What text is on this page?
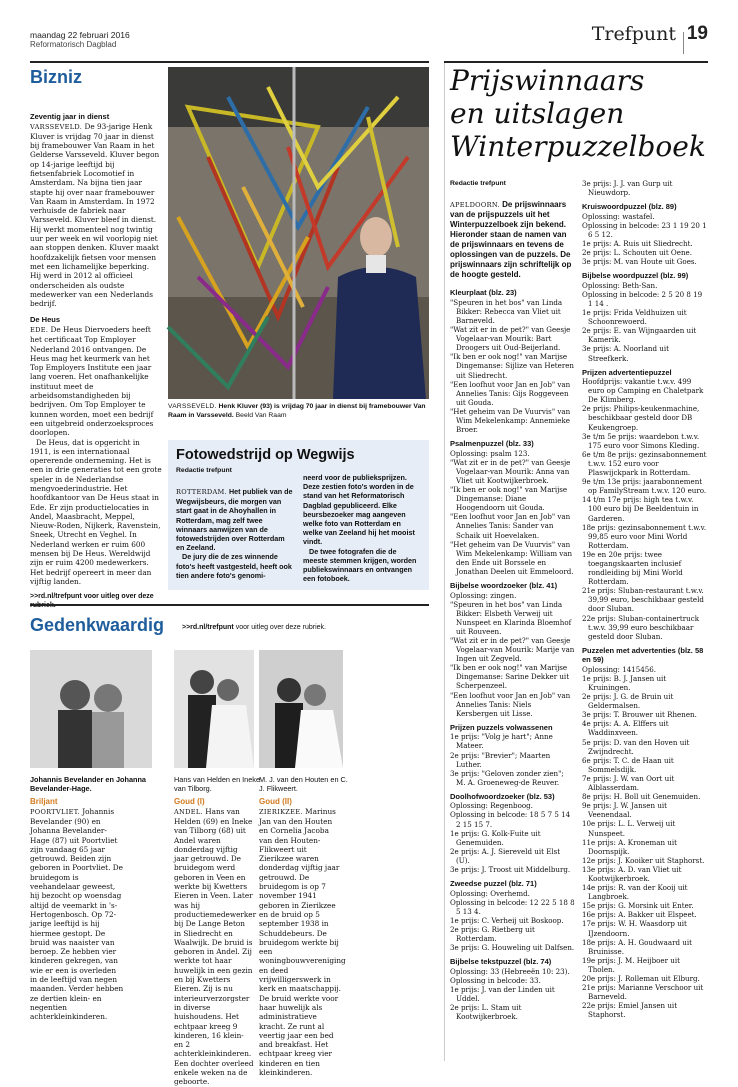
maandag 22 februari 2016
Reformatorisch Dagblad	Trefpunt 19
Bizniz
Zeventig jaar in dienst

VARSSEVELD. De 93-jarige Henk Kluver is vrijdag 70 jaar in dienst bij framebouwer Van Raam in het Gelderse Varsseveld. Kluver begon op 14-jarige leeftijd bij fietsenfabriek Locomotief in Amsterdam. Na bijna tien jaar stapte hij over naar framebouwer Van Raam in Amsterdam. In 1972 verhuisde de fabriek naar Varsseveld. Kluver bleef in dienst. Hij werkt momenteel nog twintig uur per week en wil voorlopig niet aan stoppen denken. Kluver maakt hoofdzakelijk fietsen voor mensen met een lichamelijke beperking. Hij werd in 2012 al officieel onderscheiden als oudste medewerker van een Nederlands bedrijf.

De Heus

EDE. De Heus Diervoeders heeft het certificaat Top Employer Nederland 2016 ontvangen. De Heus mag het keurmerk van het Top Employers Institute een jaar lang voeren. Het onafhankelijke instituut meet de arbeidsomstandigheden bij bedrijven. Om Top Employer te kunnen worden, moet een bedrijf een uitgebreid onderzoeksproces doorlopen.

De Heus, dat is opgericht in 1911, is een internationaal opererende onderneming. Het is een in drie generaties tot een grote speler in de Nederlandse mengvoederindustrie. Het hoofdkantoor van De Heus staat in Ede. Er zijn productielocaties in Andel, Maasbracht, Meppel, Nieuw-Roden, Nijkerk, Ravenstein, Sneek, Utrecht en Veghel. In Nederland werken er ruim 600 mensen bij De Heus. Wereldwijd zijn er ruim 4200 medewerkers. Het bedrijf opereert in meer dan vijftig landen.

>>rd.nl/trefpunt voor uitleg over deze
VARSSEVELD. Henk Kluver (93) is vrijdag 70 jaar in dienst bij framebouwer Van Raam in Varsseveld. Beeld Van Raam
Fotowedstrijd op Wegwijs
Redactie trefpunt
ROTTERDAM. Het publiek van de Wegwijsbeurs, die morgen van start gaat in de Ahoyhallen in Rotterdam, mag zelf twee winnaars aanwijzen van de fotowedstrijden over Rotterdam en Zeeland.
De jury die de zes winnende foto's heeft vastgesteld, heeft ook tien andere foto's genomi-
neerd voor de publieksprijzen. Deze zestien foto's worden in de stand van het Reformatorisch Dagblad gepubliceerd. Elke beursbezoeker mag aangeven welke foto van Rotterdam en welke van Zeeland hij het mooist vindt.
De twee fotografen die de meeste stemmen krijgen, worden publiekswinnaars en ontvangen een fotoboek.
Gedenkwaardig	>>rd.nl/trefpunt voor uitleg over deze rubriek.
Johannis Bevelander en Johanna Bevelander-Hage.
Briljant

POORTVLIET. Johannis Bevelander (90) en Johanna Bevelander-Hage (87) uit Poortvliet zijn vandaag 65 jaar getrouwd. Beiden zijn geboren in Poortvliet. De bruidegom is veehandelaar geweest, hij bezocht op woensdag altijd de veemarkt in 's-Hertogenbosch. Op 72-jarige leeftijd is hij hiermee gestopt. De bruid was naaister van beroep. Ze hebben vier kinderen gekregen, van wie er een is overleden in de leeftijd van negen maanden. Verder hebben ze dertien klein- en negentien achterkleinkinderen.

Hans van Helden en Ineke van Tilborg.
Goud (I)

ANDEL. Hans van Helden (69) en Ineke van Tilborg (68) uit Andel waren donderdag vijftig jaar getrouwd. De bruidegom werd geboren in Veen en werkte bij Kwetters Eieren in Veen. Later was hij productiemedewerker bij De Lange Beton in Sliedrecht en Waalwijk. De bruid is geboren in Andel. Zij werkte tot haar huwelijk in een gezin en bij Kwetters Eieren. Zij is nu interieurverzorgster in diverse huishoudens. Het echtpaar kreeg 9 kinderen, 16 klein- en 2 achterkleinkinderen. Een dochter overleed enkele weken na de geboorte.

M. J. van den Houten en C. J. Flikweert.
Goud (II)

ZIERIKZEE. Marinus Jan van den Houten en Cornelia Jacoba van den Houten-Flikweert uit Zierikzee waren donderdag vijftig jaar getrouwd. De bruidegom is op 7 november 1941 geboren in Zierikzee en de bruid op 5 september 1938 in Schuddebeurs. De bruidegom werkte bij een woningbouwvereniging en deed vrijwilligerswerk in kerk en maatschappij. De bruid werkte voor haar huwelijk als administratieve kracht. Ze runt al veertig jaar een bed and breakfast. Het echtpaar kreeg vier kinderen en tien kleinkinderen.

Prijswinnaars
en uitslagen
Winterpuzzelboek
Redactie trefpunt
APELDOORN. De prijswinnaars van de prijspuzzels uit het Winterpuzzelboek zijn bekend. Hieronder staan de namen van de prijswinnaars en tevens de oplossingen van de puzzels. De prijswinnaars zijn schriftelijk op de hoogte gesteld.
Kleurplaat (blz. 23)
"Speuren in het bos" van Linda Bikker: Rebecca van Vliet uit Barneveld.
"Wat zit er in de pet?" van Geesje Vogelaar-van Mourik: Bart Droogers uit Oud-Beijerland.
"Ik ben er ook nog!" van Marijse Dingemanse: Sijlize van Heteren uit Sliedrecht.
"Een loofhut voor Jan en Job" van Annelies Tanis: Gijs Roggeveen uit Gouda.
"Het geheim van De Vuurvis" van Wim Mekelenkamp: Annemieke Broer.
Psalmenpuzzel (blz. 33)
Oplossing: psalm 123.
"Wat zit er in de pet?" van Geesje Vogelaar-van Mourik: Anna van Vliet uit Kootwijkerbroek.
"Ik ben er ook nog!" van Marijse Dingemanse: Diane Hoogendoorn uit Gouda.
"Een loofhut voor Jan en Job" van Annelies Tanis: Sander van Schaik uit Hoevelaken.
"Het geheim van De Vuurvis" van Wim Mekelenkamp: William van den Ende uit Borssele en Jonathan Deelen uit Emmeloord.
Bijbelse woordzoeker (blz. 41)
Oplossing: zingen.
"Speuren in het bos" van Linda Bikker: Elsbeth Verweij uit Nunspeet en Klarinda Bloemhof uit Rouveen.
"Wat zit er in de pet?" van Geesje Vogelaar-van Mourik: Marije van Ingen uit Zegveld.
"Ik ben er ook nog!" van Marijse Dingemanse: Sarine Dekker uit Scherpenzeel.
"Een loofhut voor Jan en Job" van Annelies Tanis: Niels Kersbergen uit Lisse.
Prijzen puzzels volwassenen
1e prijs: "Volg je hart"; Anne Mateer.
2e prijs: "Brevier"; Maarten Luther.
3e prijs: "Geloven zonder zien"; M. A. Groeneweg-de Reuver.
Doolhofwoordzoeker (blz. 53)
Oplossing: Regenboog.
Oplossing in belcode: 18 5 7 5 14 2 15 15 7.
1e prijs: G. Kolk-Fuite uit Genemuiden.
2e prijs: A. J. Siereveld uit Elst (U).
3e prijs: J. Troost uit Middelburg.
Zweedse puzzel (blz. 71)
Oplossing: Overhemd.
Oplossing in belcode: 12 22 5 18 8 5 13 4.
1e prijs: C. Verheij uit Boskoop.
2e prijs: G. Rietberg uit Rotterdam.
3e prijs: G. Houweling uit Dalfsen.
Bijbelse tekstpuzzel (blz. 74)
Oplossing: 33 (Hebreeën 10: 23).
Oplossing in belcode: 33.
1e prijs: J. van der Linden uit Uddel.
2e prijs: L. Stam uit Kootwijkerbroek.
3e prijs: J. J. van Gurp uit Nieuwdorp.
Kruiswoordpuzzel (blz. 89)
Oplossing: wastafel.
Oplossing in belcode: 23 1 19 20 1 6 5 12.
1e prijs: A. Ruis uit Sliedrecht.
2e prijs: L. Schouten uit Oene.
3e prijs: M. van Houte uit Goes.
Bijbelse woordpuzzel (blz. 99)
Oplossing: Beth-San.
Oplossing in belcode: 2 5 20 8 19 1 14 .
1e prijs: Frida Veldhuizen uit Schoonrewoerd.
2e prijs: E. van Wijngaarden uit Kamerik.
3e prijs: A. Noorland uit Streefkerk.
Prijzen advertentiepuzzel
Hoofdprijs: vakantie t.w.v. 499 euro op Camping en Chaletpark De Klimberg.
2e prijs: Philips-keukenmachine, beschikbaar gesteld door DB Keukengroep.
3e t/m 5e prijs: waardebon t.w.v. 175 euro voor Simons Kleding.
6e t/m 8e prijs: gezinsabonnement t.w.v. 152 euro voor Plaswijckpark in Rotterdam.
9e t/m 13e prijs: jaarabonnement op FamilyStream t.w.v. 120 euro.
14 t/m 17e prijs: high tea t.w.v. 100 euro bij De Beeldentuin in Garderen.
18e prijs: gezinsabonnement t.w.v. 99,85 euro voor Mini World Rotterdam.
19e en 20e prijs: twee toegangskaarten inclusief rondleiding bij Mini World Rotterdam.
21e prijs: Sluban-restaurant t.w.v. 39,99 euro, beschikbaar gesteld door Sluban.
22e prijs: Sluban-containertruck t.w.v. 39,99 euro beschikbaar gesteld door Sluban.
Puzzelen met advertenties (blz. 58 en 59)
Oplossing: 1415456.
1e prijs: B. J. Jansen uit Kruiningen.
2e prijs: J. G. de Bruin uit Geldermalsen.
3e prijs: T. Brouwer uit Rhenen.
4e prijs: A. A. Elffers uit Waddinxveen.
5e prijs: D. van den Hoven uit Zwijndrecht.
6e prijs: T. C. de Haan uit Sommelsdijk.
7e prijs: J. W. van Oort uit Alblasserdam.
8e prijs: H. Boll uit Genemuiden.
9e prijs: J. W. Jansen uit Veenendaal.
10e prijs: L. L. Verweij uit Nunspeet.
11e prijs: A. Kroneman uit Doornspijk.
12e prijs: J. Kooiker uit Staphorst.
13e prijs: A. D. van Vliet uit Kootwijkerbroek.
14e prijs: R. van der Kooij uit Langbroek.
15e prijs: G. Morsink uit Enter.
16e prijs: A. Bakker uit Elspeet.
17e prijs: W. H. Waasdorp uit IJzendoorn.
18e prijs: A. H. Goudwaard uit Bruinisse.
19e prijs: J. M. Heijboer uit Tholen.
20e prijs: J. Rolleman uit Elburg.
21e prijs: Marianne Verschoor uit Barneveld.
22e prijs: Emiel Jansen uit Staphorst.
